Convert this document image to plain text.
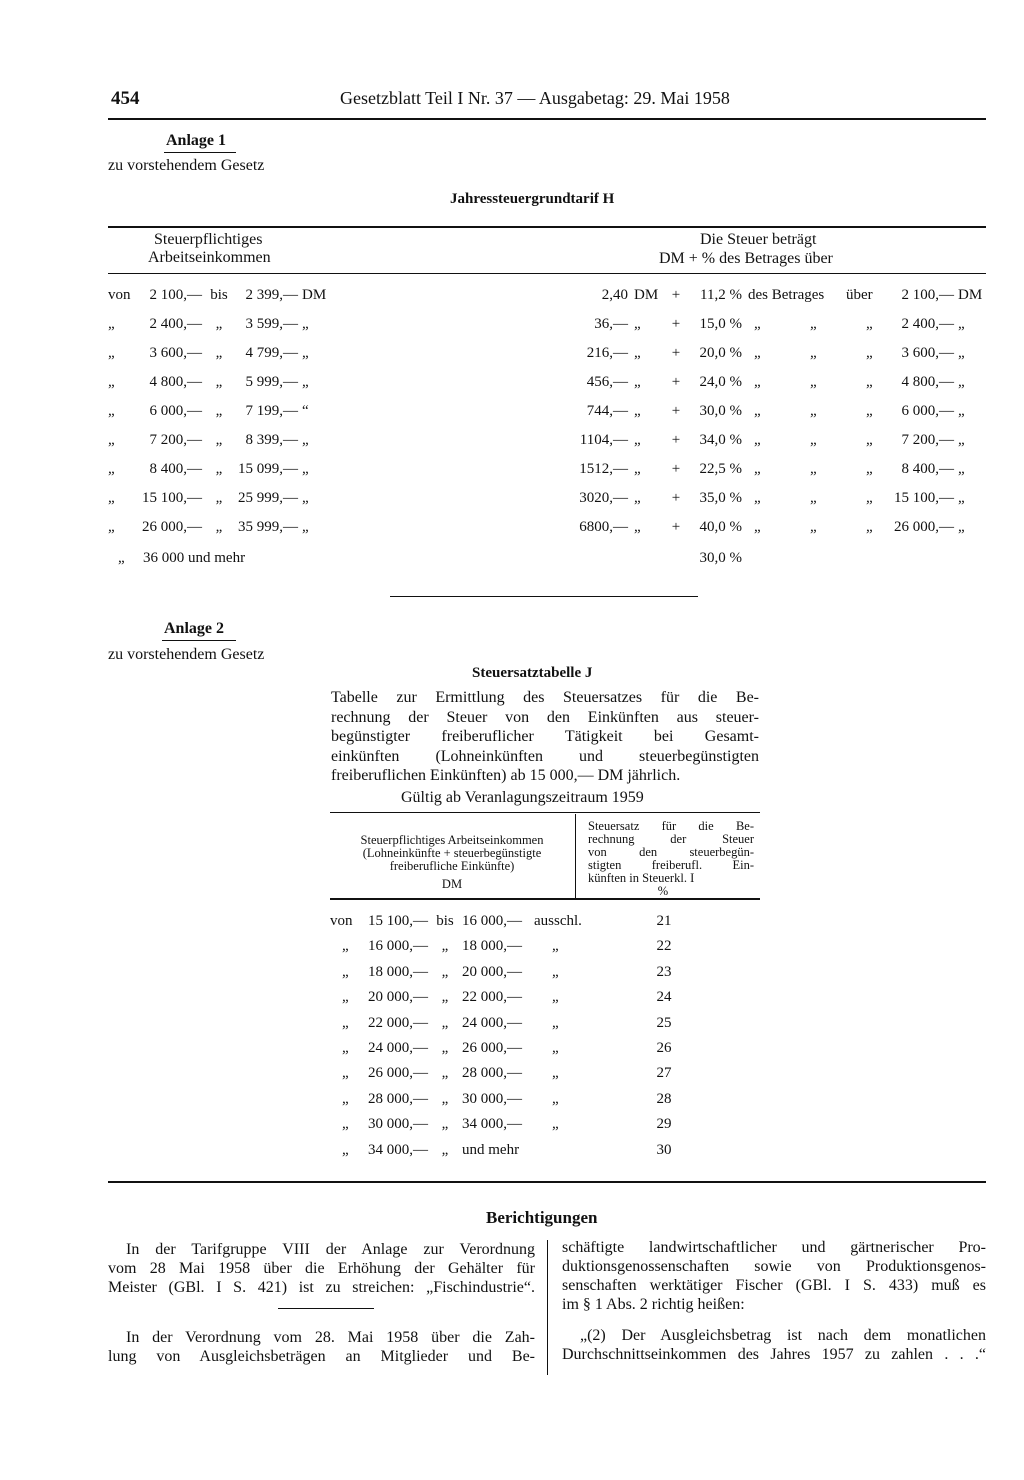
454	Gesetzblatt Teil I Nr. 37 — Ausgabetag: 29. Mai 1958
Anlage 1
zu vorstehendem Gesetz
Jahressteuergrundtarif H
Steuerpflichtiges
Arbeitseinkommen
Die Steuer beträgt
DM + % des Betrages über
von	2 100,— bis	2 399,— DM	2,40 DM +	11,2 % des Betrages	über	2 100,— DM
„	2 400,— „	3 599,— „	36,— „	+	15,0 % „	„	„	2 400,— „
„	3 600,— „	4 799,— „	216,— „	+	20,0 % „	„	„	3 600,— „
„	4 800,— „	5 999,— „	456,— „	+	24,0 % „	„	„	4 800,— „
„	6 000,— „	7 199,— “	744,— „	+	30,0 % „	„	„	6 000,— „
„	7 200,— „	8 399,— „	1104,— „	+	34,0 % „	„	„	7 200,— „
„	8 400,— „	15 099,— „	1512,— „	+	22,5 % „	„	„	8 400,— „
„	15 100,— „	25 999,— „	3020,— „	+	35,0 % „	„	„	15 100,— „
„	26 000,— „	35 999,— „	6800,— „	+	40,0 % „	„	„	26 000,— „
„	36 000 und mehr	30,0 %
Anlage 2
zu vorstehendem Gesetz
Steuersatztabelle J
Tabelle zur Ermittlung des Steuersatzes für die Be-
rechnung der Steuer von den Einkünften aus steuer-
begünstigter freiberuflicher Tätigkeit bei Gesamt-
einkünften (Lohneinkünften und steuerbegünstigten
freiberuflichen Einkünften) ab 15 000,— DM jährlich.
Gültig ab Veranlagungszeitraum 1959
Steuerpflichtiges Arbeitseinkommen
(Lohneinkünfte + steuerbegünstigte
freiberufliche Einkünfte)
DM
Steuersatz für die Be-
rechnung der Steuer
von den steuerbegün-
stigten freiberufl. Ein-
künften in Steuerkl. I
%
von	15 100,— bis 16 000,— ausschl.	21
„	16 000,— „ 18 000,—	„	22
„	18 000,— „ 20 000,—	„	23
„	20 000,— „ 22 000,—	„	24
„	22 000,— „ 24 000,—	„	25
„	24 000,— „ 26 000,—	„	26
„	26 000,— „ 28 000,—	„	27
„	28 000,— „ 30 000,—	„	28
„	30 000,— „ 34 000,—	„	29
„	34 000,— „ und mehr	30
Berichtigungen
In der Tarifgruppe VIII der Anlage zur Verordnung
vom 28 Mai 1958 über die Erhöhung der Gehälter für
Meister (GBl. I S. 421) ist zu streichen: „Fischindustrie“.
In der Verordnung vom 28. Mai 1958 über die Zah-
lung von Ausgleichsbeträgen an Mitglieder und Be-
schäftigte landwirtschaftlicher und gärtnerischer Pro-
duktionsgenossenschaften sowie von Produktionsgenos-
senschaften werktätiger Fischer (GBl. I S. 433) muß es
im § 1 Abs. 2 richtig heißen:
„(2) Der Ausgleichsbetrag ist nach dem monatlichen
Durchschnittseinkommen des Jahres 1957 zu zahlen . . .“
